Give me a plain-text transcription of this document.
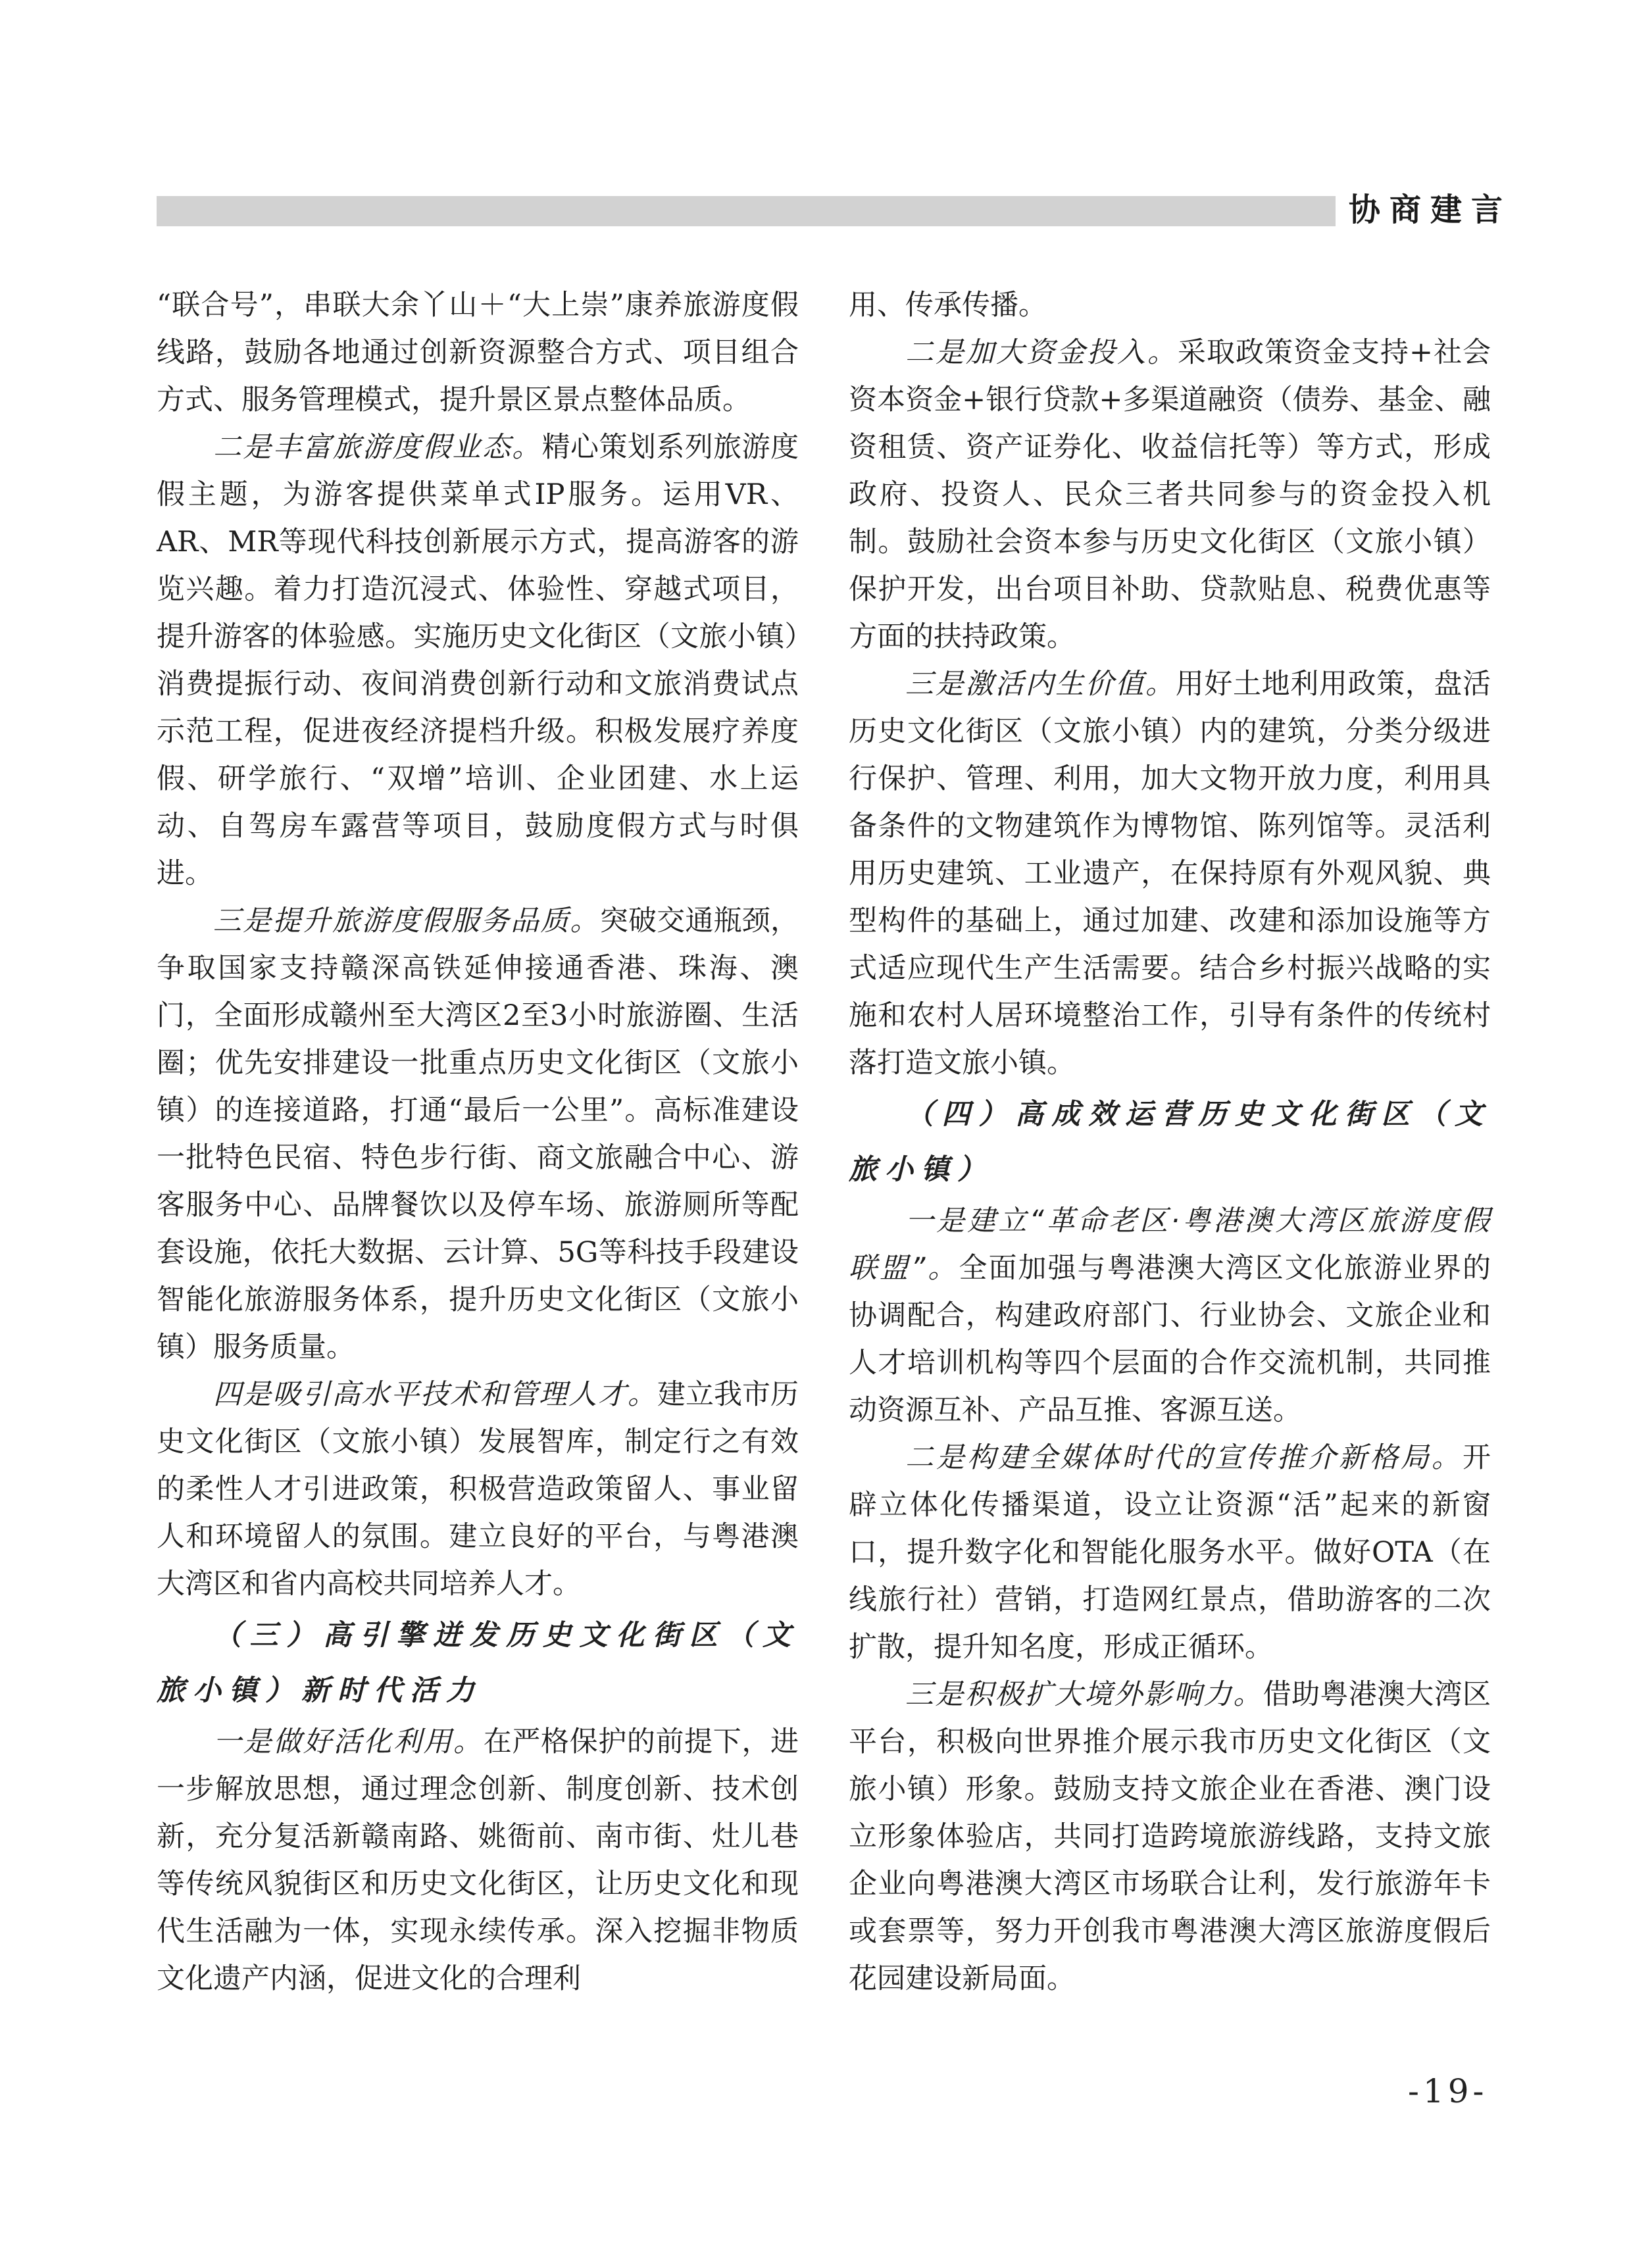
协商建言

“联合号”，串联大余丫山＋“大上崇”康养旅游度假线路，鼓励各地通过创新资源整合方式、项目组合方式、服务管理模式，提升景区景点整体品质。

二是丰富旅游度假业态。精心策划系列旅游度假主题，为游客提供菜单式IP服务。运用VR、AR、MR等现代科技创新展示方式，提高游客的游览兴趣。着力打造沉浸式、体验性、穿越式项目，提升游客的体验感。实施历史文化街区（文旅小镇）消费提振行动、夜间消费创新行动和文旅消费试点示范工程，促进夜经济提档升级。积极发展疗养度假、研学旅行、“双增”培训、企业团建、水上运动、自驾房车露营等项目，鼓励度假方式与时俱进。

三是提升旅游度假服务品质。突破交通瓶颈，争取国家支持赣深高铁延伸接通香港、珠海、澳门，全面形成赣州至大湾区2至3小时旅游圈、生活圈；优先安排建设一批重点历史文化街区（文旅小镇）的连接道路，打通“最后一公里”。高标准建设一批特色民宿、特色步行街、商文旅融合中心、游客服务中心、品牌餐饮以及停车场、旅游厕所等配套设施，依托大数据、云计算、5G等科技手段建设智能化旅游服务体系，提升历史文化街区（文旅小镇）服务质量。

四是吸引高水平技术和管理人才。建立我市历史文化街区（文旅小镇）发展智库，制定行之有效的柔性人才引进政策，积极营造政策留人、事业留人和环境留人的氛围。建立良好的平台，与粤港澳大湾区和省内高校共同培养人才。

（三）高引擎迸发历史文化街区（文旅小镇）新时代活力

一是做好活化利用。在严格保护的前提下，进一步解放思想，通过理念创新、制度创新、技术创新，充分复活新赣南路、姚衙前、南市街、灶儿巷等传统风貌街区和历史文化街区，让历史文化和现代生活融为一体，实现永续传承。深入挖掘非物质文化遗产内涵，促进文化的合理利

用、传承传播。

二是加大资金投入。采取政策资金支持+社会资本资金+银行贷款+多渠道融资（债券、基金、融资租赁、资产证券化、收益信托等）等方式，形成政府、投资人、民众三者共同参与的资金投入机制。鼓励社会资本参与历史文化街区（文旅小镇）保护开发，出台项目补助、贷款贴息、税费优惠等方面的扶持政策。

三是激活内生价值。用好土地利用政策，盘活历史文化街区（文旅小镇）内的建筑，分类分级进行保护、管理、利用，加大文物开放力度，利用具备条件的文物建筑作为博物馆、陈列馆等。灵活利用历史建筑、工业遗产，在保持原有外观风貌、典型构件的基础上，通过加建、改建和添加设施等方式适应现代生产生活需要。结合乡村振兴战略的实施和农村人居环境整治工作，引导有条件的传统村落打造文旅小镇。

（四）高成效运营历史文化街区（文旅小镇）

一是建立“革命老区·粤港澳大湾区旅游度假联盟”。全面加强与粤港澳大湾区文化旅游业界的协调配合，构建政府部门、行业协会、文旅企业和人才培训机构等四个层面的合作交流机制，共同推动资源互补、产品互推、客源互送。

二是构建全媒体时代的宣传推介新格局。开辟立体化传播渠道，设立让资源“活”起来的新窗口，提升数字化和智能化服务水平。做好OTA（在线旅行社）营销，打造网红景点，借助游客的二次扩散，提升知名度，形成正循环。

三是积极扩大境外影响力。借助粤港澳大湾区平台，积极向世界推介展示我市历史文化街区（文旅小镇）形象。鼓励支持文旅企业在香港、澳门设立形象体验店，共同打造跨境旅游线路，支持文旅企业向粤港澳大湾区市场联合让利，发行旅游年卡或套票等，努力开创我市粤港澳大湾区旅游度假后花园建设新局面。

-19-
